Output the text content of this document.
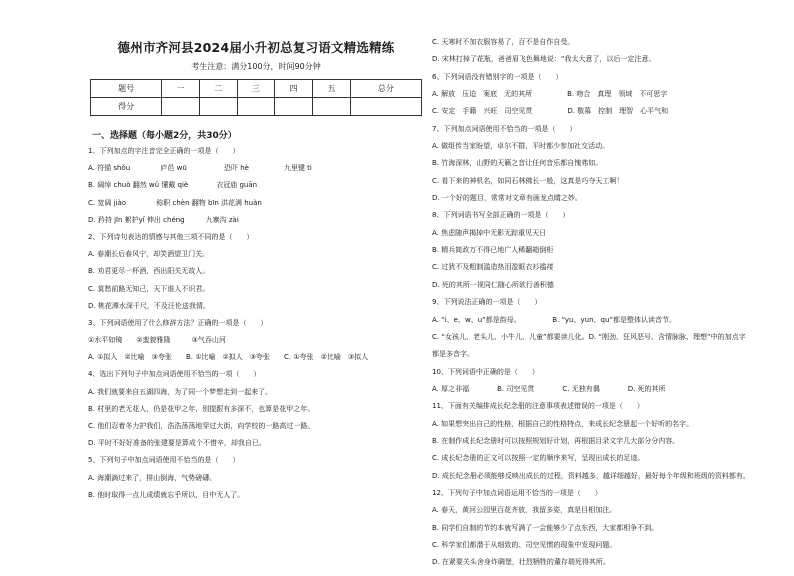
德州市齐河县2024届小升初总复习语文精选精练
考生注意：满分100分，时间90分钟
题号	一	二	三	四	五	总分
得分						
一、选择题（每小题2分，共30分）
1、下列加点的字注音完全正确的一项是（　　）
A. 符锚 shǒu　　　　 庐邑 wū　　　　　 恐吓 hè　　　　　九里键 ti
B. 阔绰 chuò 翻然 wǔ 懂戴 qiè　　　　衣冠庙 guān
C. 宽阔 jiào　　　　 称职 chèn 翻物 bīn 洪花满 huàn
D. 矜持 jīn 絮护yǐ 伸出 chéng　　　九寨沟 zài
2、下列诗句表达的情感与其他三项不同的是（　　）
A. 春潮长后春风宁，却笑酒望卫门关。
B. 劝君更尽一杯酒，西出阳关无故人。
C. 莫愁前路无知己，天下谁人不识君。
D. 桃花潭水深千尺，不及汪伦送我情。
3、下列词语使用了什么修辞方法？正确的一项是（　　）
①水平如镜　　②蛮貌雅隆　　　③气吞山河
A. ①拟人　②比喻　③夸张　　B. ①比喻　②拟人　③夸张　　C. ①夸张　②比喻　③拟人
4、选出下列句子中加点词语使用不恰当的一项（　　）
A. 我们就要来自五湖四海，为了同一个梦想走到一起来了。
B. 村里的老无花人，仍是花甲之年，别提跟有多深不，也算是花甲之年。
C. 他们忍着冬力护我们，浩浩荡荡地穿过大街，向学校的一路高过一路。
D. 平时不好好准备的张建要是算成个不惜辛，却我自已。
5、下列句子中加点词语使用不恰当的是（　　）
A. 海潮滴过来了，排山倒海，气势磅礴。
B. 他时取得一点儿成绩就忘乎所以，目中无人了。
C. 天寒时不加衣服容易了，百不是自作自受。
D. 宋林打掉了花瓶，爸爸眉飞色舞地说：“我太大意了，以后一定注意。
6、下列词语没有错别字的一项是（　　）
A. 解放　压迫　案底　无的其所　　　　　B. 吻合　真理　领域　不可思字
C. 安定　手籍　兴旺　司空见贯　　　　　D. 敬慕　控制　理智　心平气和
7、下列加点词语使用不恰当的一项是（　　）
A. 做组传当家盼望，卓尔不群，平时都少参加社交活动。
B. 竹海深林，山野的天籁之音让任何音乐都自愧弗如。
C. 看下来的神机名，如同石林佛长一般，这真是巧夺天工啊！
D. 一个好的题目，常常对文章有画龙点睛之妙。
8、下列词语书写全部正确的一项是（　　）
A. 焦虑随声揭掉中无影无踪重见天日
B. 精兵简政万不得已地广人稀翻箱倒柜
C. 过犹不及粗制滥造热泪盈眶衣衫褴褛
D. 死的其所一视同仁随心所欲行善积德
9、下列说法正确的一项是（　　）
A. “i、e、w、u”都是韵母。　　　　　B. “yu、yun、qu”都是整体认读音节。
C. “女孩儿、老头儿、小牛儿、儿童”都要读儿化。D. “刚劲、狂风恶号、含情脉脉、理想”中的加点字
都是多音字。
10、下列词语中正确的是（　　）
A. 厚之非福　　　　B. 司空见贯　　　　C. 无独有偶　　　　D. 死的其所
11、下面有关编排成长纪念册的注意事项表述错误的一项是（　　）
A. 如果想突出自己的性格，根据自己的性格特点，来成长纪念册起一个好听的名字。
B. 在制作成长纪念册时可以按照规划好计划，再根据目录文字几大部分分内容。
C. 成长纪念册的正文可以按照一定的顺序来写，呈现出成长的足迹。
D. 成长纪念册必须能够反映出成长的过程，资料越多，越详细越好，最好每个年级和班级的资料都有。
12、下列句子中加点词语运用不恰当的一项是（　　）
A. 春天，黄河公园里百花齐放，我留多姿，真是目相加注。
B. 同学们自制的节约本就写满了一会能够少了点东西，大家都相争不到。
C. 科学家们都潜于从细致的、司空见惯的现象中发现问题。
D. 在紧要关头舍身炸碉堡，壮烈牺牲的董存瑞死得其所。
